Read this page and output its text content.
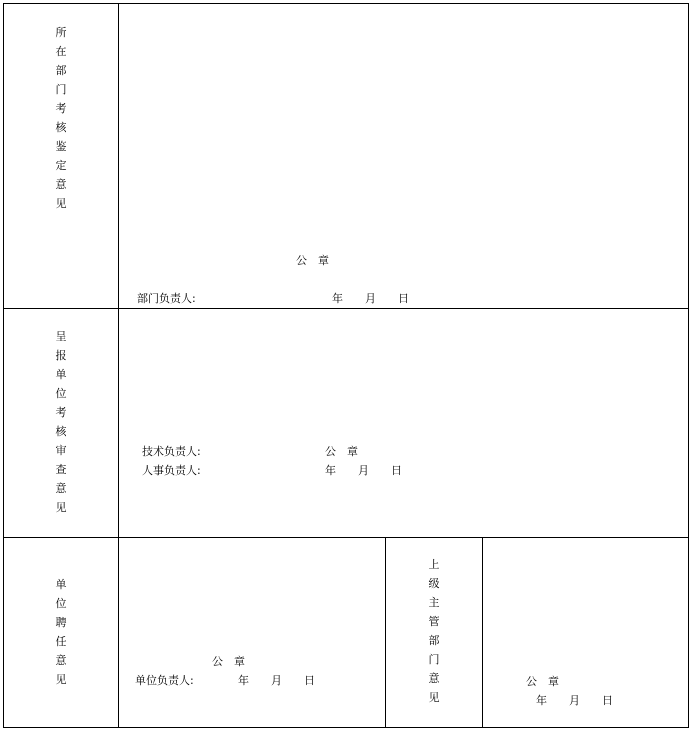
所
在
部
门
考
核
鉴
定
意
见
公　章
部门负责人:	年　　月　　日
呈
报
单
位
考
核
审
查
意
见
技术负责人:	公　章
人事负责人:	年　　月　　日
单
位
聘
任
意
见
公　章
单位负责人:	年　　月　　日
上
级
主
管
部
门
意
见
公　章
年　　月　　日
